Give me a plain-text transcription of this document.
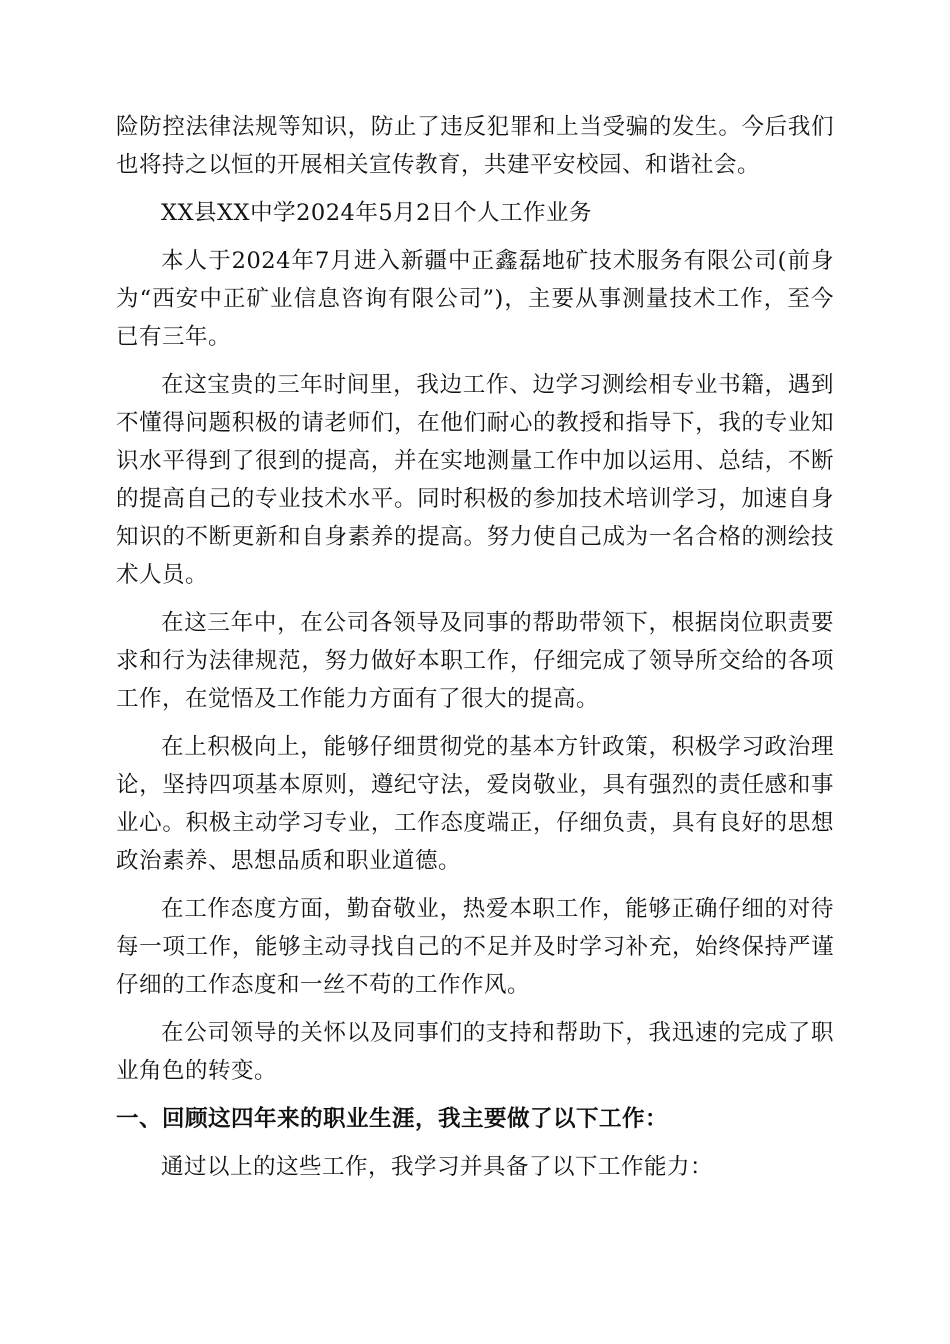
险防控法律法规等知识，防止了违反犯罪和上当受骗的发生。今后我们也将持之以恒的开展相关宣传教育，共建平安校园、和谐社会。

XX县XX中学2024年5月2日个人工作业务

本人于2024年7月进入新疆中正鑫磊地矿技术服务有限公司(前身为“西安中正矿业信息咨询有限公司”)，主要从事测量技术工作，至今已有三年。

在这宝贵的三年时间里，我边工作、边学习测绘相专业书籍，遇到不懂得问题积极的请老师们，在他们耐心的教授和指导下，我的专业知识水平得到了很到的提高，并在实地测量工作中加以运用、总结，不断的提高自己的专业技术水平。同时积极的参加技术培训学习，加速自身知识的不断更新和自身素养的提高。努力使自己成为一名合格的测绘技术人员。

在这三年中，在公司各领导及同事的帮助带领下，根据岗位职责要求和行为法律规范，努力做好本职工作，仔细完成了领导所交给的各项工作，在觉悟及工作能力方面有了很大的提高。

在上积极向上，能够仔细贯彻党的基本方针政策，积极学习政治理论，坚持四项基本原则，遵纪守法，爱岗敬业，具有强烈的责任感和事业心。积极主动学习专业，工作态度端正，仔细负责，具有良好的思想政治素养、思想品质和职业道德。

在工作态度方面，勤奋敬业，热爱本职工作，能够正确仔细的对待每一项工作，能够主动寻找自己的不足并及时学习补充，始终保持严谨仔细的工作态度和一丝不苟的工作作风。

在公司领导的关怀以及同事们的支持和帮助下，我迅速的完成了职业角色的转变。

一、回顾这四年来的职业生涯，我主要做了以下工作：

通过以上的这些工作，我学习并具备了以下工作能力：
